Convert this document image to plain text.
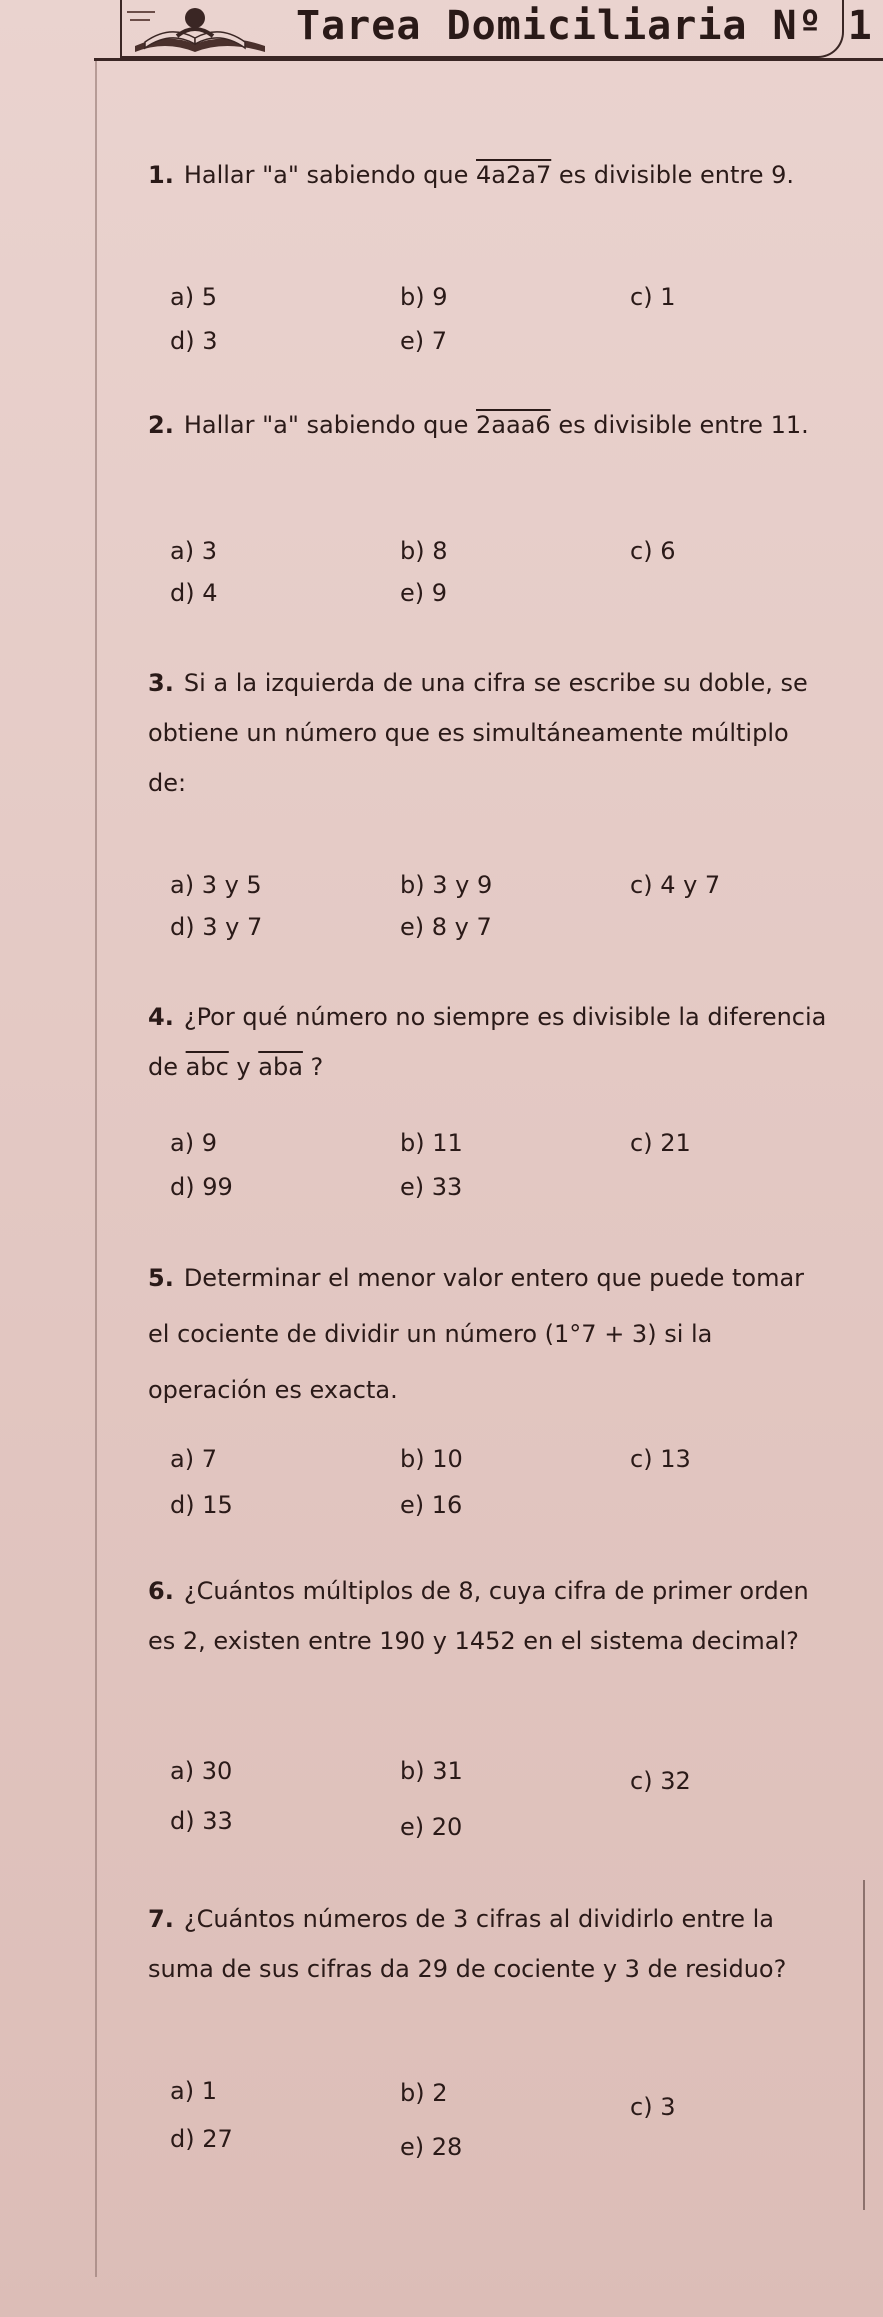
Tarea Domiciliaria Nº 1
1. Hallar "a" sabiendo que 4a2a7 es divisible entre 9.
a) 5	b) 9	c) 1
d) 3	e) 7
2. Hallar "a" sabiendo que 2aaa6 es divisible entre 11.
a) 3	b) 8	c) 6
d) 4	e) 9
3. Si a la izquierda de una cifra se escribe su doble, se obtiene un número que es simultáneamente múltiplo de:
a) 3 y 5	b) 3 y 9	c) 4 y 7
d) 3 y 7	e) 8 y 7
4. ¿Por qué número no siempre es divisible la diferencia de $\overline{abc}$ y $\overline{aba}$ ?
a) 9	b) 11	c) 21
d) 99	e) 33
5. Determinar el menor valor entero que puede tomar el cociente de dividir un número (1°7 + 3) si la operación es exacta.
a) 7	b) 10	c) 13
d) 15	e) 16
6. ¿Cuántos múltiplos de 8, cuya cifra de primer orden es 2, existen entre 190 y 1452 en el sistema decimal?
a) 30	b) 31	c) 32
d) 33	e) 20
7. ¿Cuántos números de 3 cifras al dividirlo entre la suma de sus cifras da 29 de cociente y 3 de residuo?
a) 1	b) 2	c) 3
d) 27	e) 28
